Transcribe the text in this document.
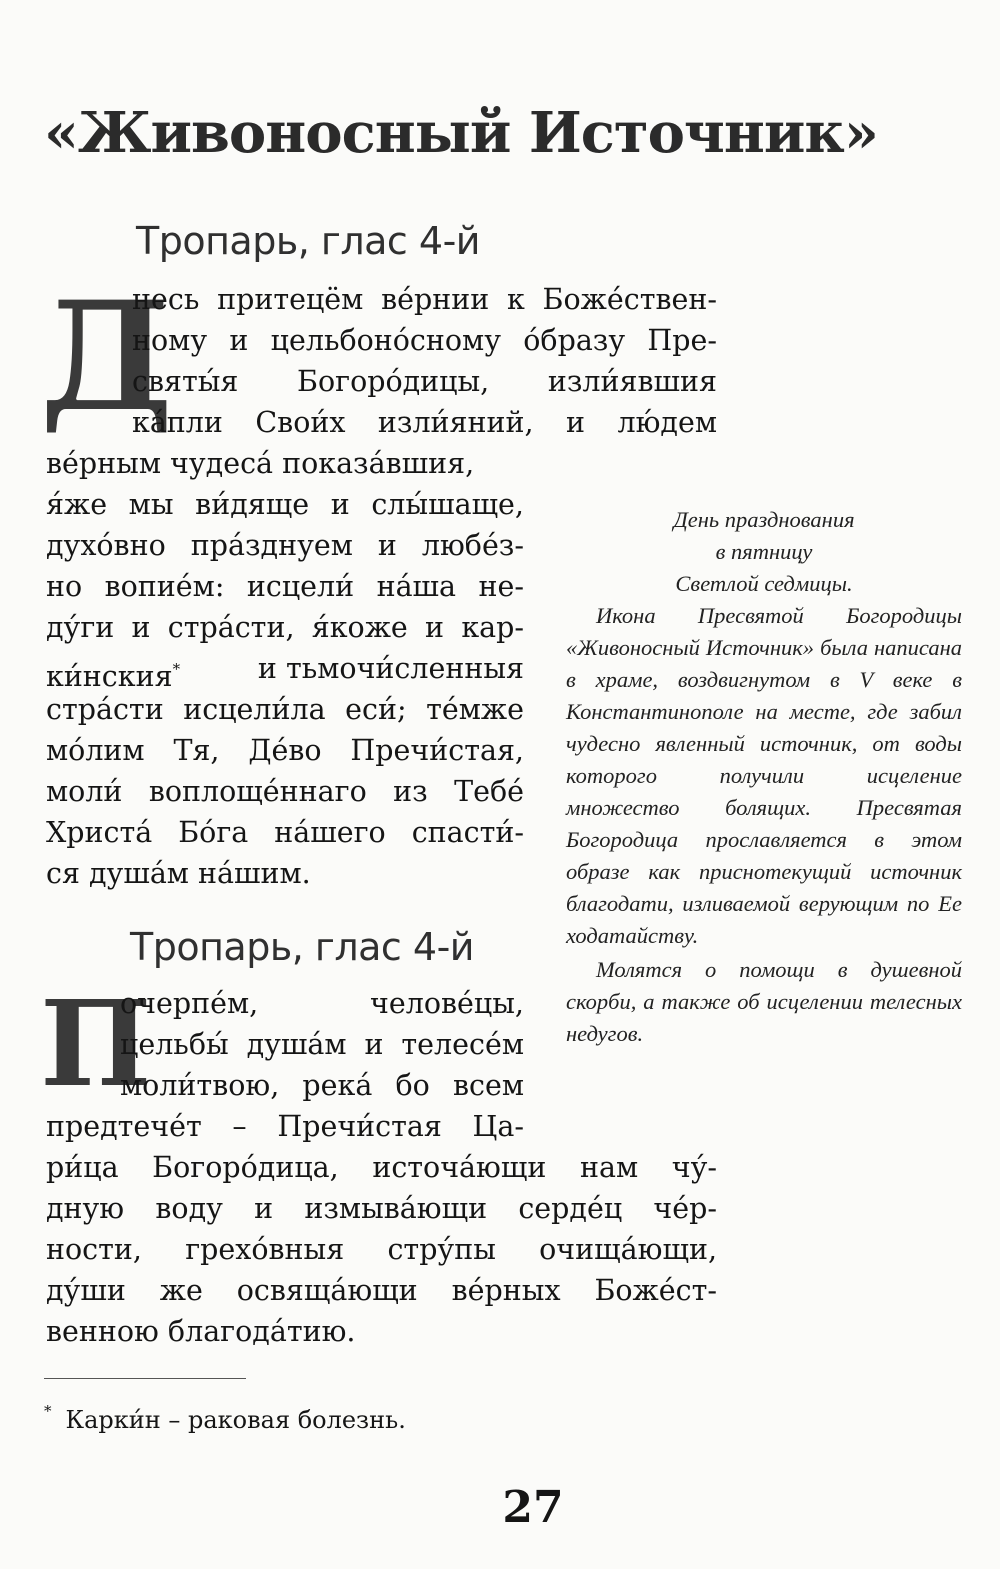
«Живоносный Источник»
Тропарь, глас 4-й
Д
несь притецём ве́рнии к Божéствен-
ному и цельбоно́сному о́бразу Пре-
святы́я Богоро́дицы, изли́явшия
ка́пли Свои́х изли́яний, и лю́дем
ве́рным чудеса́ показа́вшия,
я́же мы ви́дяще и слы́шаще,
духо́вно пра́зднуем и любе́з-
но вопие́м: исцели́ на́ша не-
ду́ги и стра́сти, я́коже и кар-
ки́нския*	и тьмочи́сленныя
стра́сти исцели́ла еси́; те́мже
мо́лим Тя, Де́во Пречи́стая,
моли́ воплоще́ннаго из Тебе́
Христа́ Бо́га на́шего спасти́-
ся душа́м на́шим.
Тропарь, глас 4-й
П
очерпе́м, челове́цы,
цельбы́ душа́м и телесе́м
моли́твою, река́ бо всем
предтече́т – Пречи́стая Ца-
ри́ца Богоро́дица, источа́ющи нам чу́-
дную воду и измыва́ющи серде́ц че́р-
ности, грехо́вныя стру́пы очища́ющи,
ду́ши же освяща́ющи ве́рных Боже́ст-
венною благода́тию.

День празднования

в пятницу

Светлой седмицы.

Икона Пресвятой Богородицы «Живоносный Источник» была написана в храме, воздвигнутом в V веке в Константинополе на месте, где забил чудесно явленный источник, от воды которого получили исцеление множество болящих. Пресвятая Богородица прославляется в этом образе как приснотекущий источник благодати, изливаемой верующим по Ее ходатайству.

Молятся о помощи в душевной скорби, а также об исцелении телесных недугов.

* Карки́н – раковая болезнь.
27
